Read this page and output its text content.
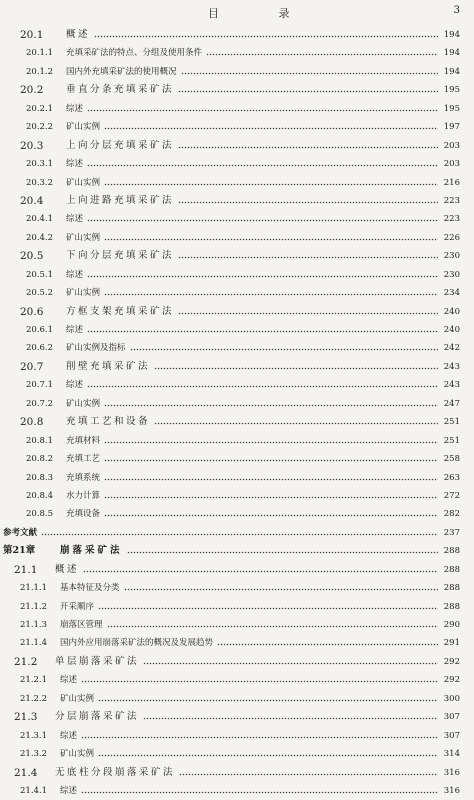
目 录	3
20.1 概述	194
20.1.1 充填采矿法的特点、分组及使用条件	194
20.1.2 国内外充填采矿法的使用概况	194
20.2 垂直分条充填采矿法	195
20.2.1 综述	195
20.2.2 矿山实例	197
20.3 上向分层充填采矿法	203
20.3.1 综述	203
20.3.2 矿山实例	216
20.4 上向进路充填采矿法	223
20.4.1 综述	223
20.4.2 矿山实例	226
20.5 下向分层充填采矿法	230
20.5.1 综述	230
20.5.2 矿山实例	234
20.6 方框支架充填采矿法	240
20.6.1 综述	240
20.6.2 矿山实例及指标	242
20.7 削壁充填采矿法	243
20.7.1 综述	243
20.7.2 矿山实例	247
20.8 充填工艺和设备	251
20.8.1 充填材料	251
20.8.2 充填工艺	258
20.8.3 充填系统	263
20.8.4 水力计算	272
20.8.5 充填设备	282
参考文献	237
第21章	崩落采矿法	288
21.1 概述	288
21.1.1 基本特征及分类	288
21.1.2 开采顺序	288
21.1.3 崩落区管理	290
21.1.4 国内外应用崩落采矿法的概况及发展趋势	291
21.2 单层崩落采矿法	292
21.2.1 综述	292
21.2.2 矿山实例	300
21.3 分层崩落采矿法	307
21.3.1 综述	307
21.3.2 矿山实例	314
21.4 无底柱分段崩落采矿法	316
21.4.1 综述	316
